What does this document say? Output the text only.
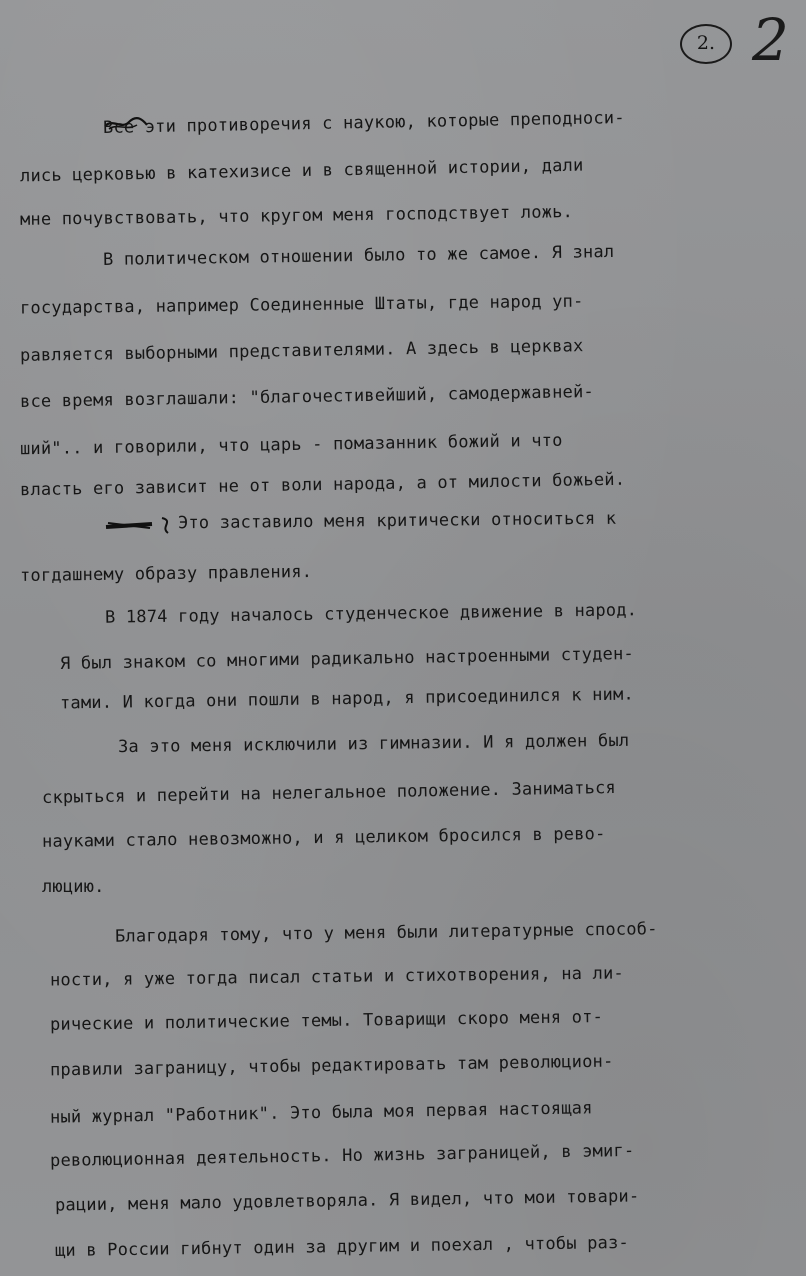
2. 2

Все эти противоречия с наукою, которые преподноси-

лись церковью в катехизисе и в священной истории, дали

мне почувствовать, что кругом меня господствует ложь.

В политическом отношении было то же самое. Я знал

государства, например Соединенные Штаты, где народ уп-

равляется выборными представителями. А здесь в церквах

все время возглашали: "благочестивейший, самодержавней-

ший".. и говорили, что царь - помазанник божий и что

власть его зависит не от воли народа, а от милости божьей.

Это заставило меня критически относиться к

тогдашнему образу правления.

В 1874 году началось студенческое движение в народ.

Я был знаком со многими радикально настроенными студен-

тами. И когда они пошли в народ, я присоединился к ним.

За это меня исключили из гимназии. И я должен был

скрыться и перейти на нелегальное положение. Заниматься

науками стало невозможно, и я целиком бросился в рево-

люцию.

Благодаря тому, что у меня были литературные способ-

ности, я уже тогда писал статьи и стихотворения, на ли-

рические и политические темы. Товарищи скоро меня от-

правили заграницу, чтобы редактировать там революцион-

ный журнал "Работник". Это была моя первая настоящая

революционная деятельность. Но жизнь заграницей, в эмиг-

рации, меня мало удовлетворяла. Я видел, что мои товари-

щи в России гибнут один за другим и поехал , чтобы раз-
